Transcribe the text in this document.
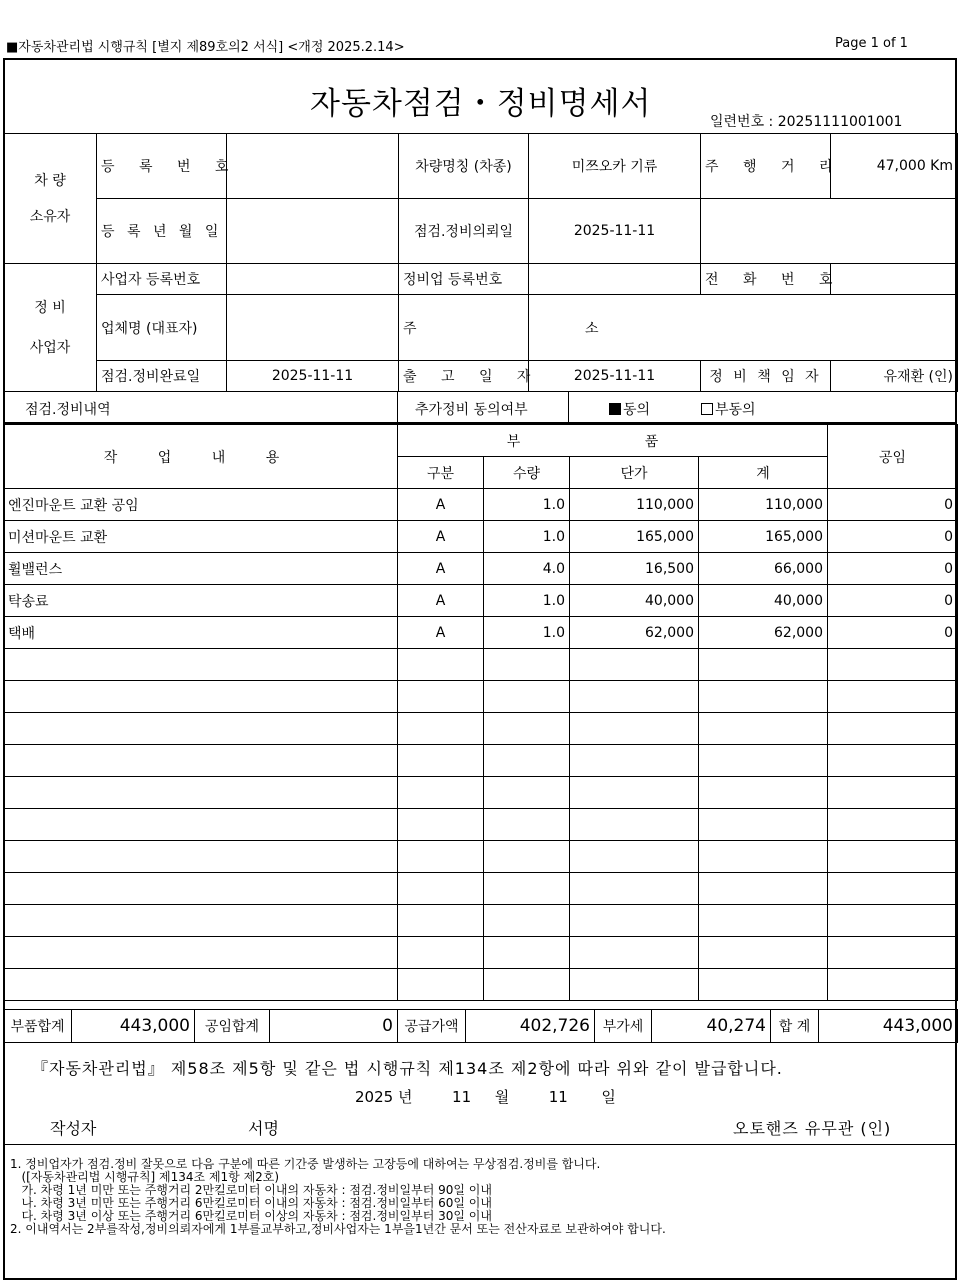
■자동차관리법 시행규칙 [별지 제89호의2 서식] <개정 2025.2.14>	Page 1 of 1
자동차점검・정비명세서	일련번호 : 20251111001001
차 량
소유자	등 록 번 호		차량명칭 (차종)	미쯔오카 기류	주 행 거 리	47,000 Km
	등 록 년 월 일		점검.정비의뢰일	2025-11-11		
정 비
사업자	사업자 등록번호		정비업 등록번호		전 화 번 호	
	업체명 (대표자)		주 소			
	점검.정비완료일	2025-11-11	출 고 일 자	2025-11-11	정 비 책 임 자	유재환 (인)
점검.정비내역	추가정비 동의여부	동의	부동의
작 업 내 용	부 품				공임
	구분	수량	단가	계	
엔진마운트 교환 공임	A	1.0	110,000	110,000	0
미션마운트 교환	A	1.0	165,000	165,000	0
휠밸런스	A	4.0	16,500	66,000	0
탁송료	A	1.0	40,000	40,000	0
택배	A	1.0	62,000	62,000	0

부품합계	443,000	공임합계	0	공급가액	402,726	부가세	40,274	합 계	443,000
『자동차관리법』 제58조 제5항 및 같은 법 시행규칙 제134조 제2항에 따라 위와 같이 발급합니다.
2025 년	11 월	11 일
작성자	서명	오토핸즈 유무관 (인)
1. 정비업자가 점검.정비 잘못으로 다음 구분에 따른 기간중 발생하는 고장등에 대하여는 무상점검.정비를 합니다.
([자동차관리법 시행규칙] 제134조 제1항 제2호)
가. 차령 1년 미만 또는 주행거리 2만킬로미터 이내의 자동차 : 점검.정비일부터 90일 이내
나. 차령 3년 미만 또는 주행거리 6만킬로미터 이내의 자동차 : 점검.정비일부터 60일 이내
다. 차령 3년 이상 또는 주행거리 6만킬로미터 이상의 자동차 : 점검.정비일부터 30일 이내
2. 이내역서는 2부를작성,정비의뢰자에게 1부를교부하고,정비사업자는 1부을1년간 문서 또는 전산자료로 보관하여야 합니다.
